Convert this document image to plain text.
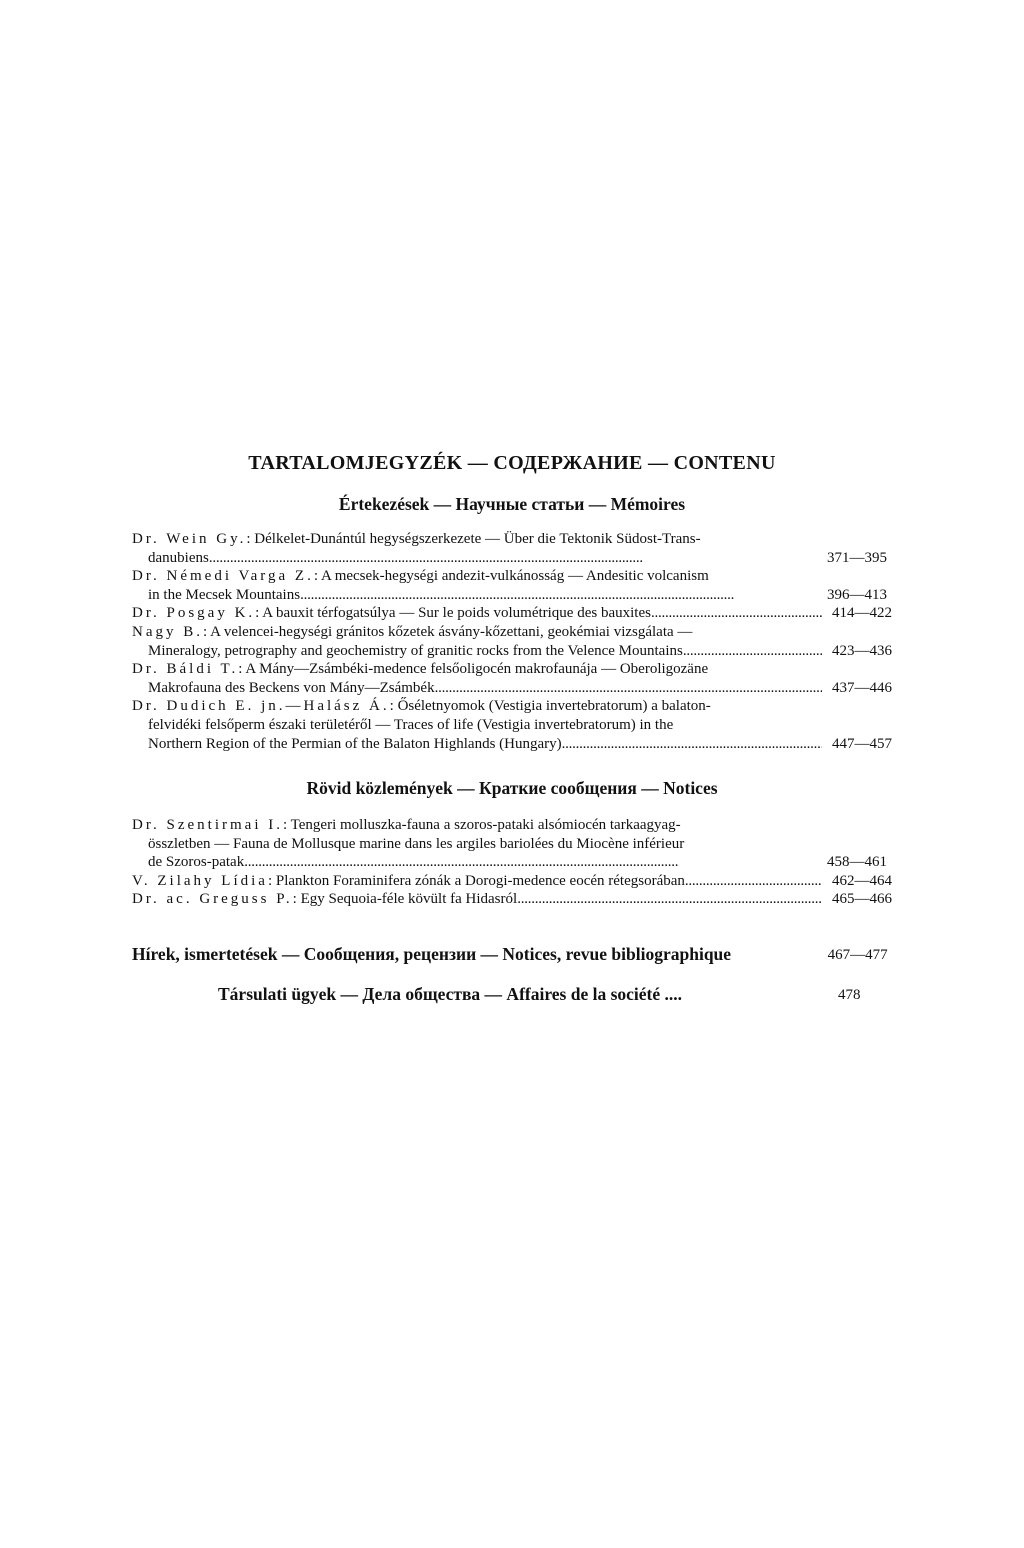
TARTALOMJEGYZÉK — СОДЕРЖАНИЕ — CONTENU
Értekezések — Научные статьи — Mémoires
Dr. Wein Gy.: Délkelet-Dunántúl hegységszerkezete — Über die Tektonik Südost-Trans-
danubiens . . .	371—395
Dr. Némedi Varga Z.: A mecsek-hegységi andezit-vulkánosság — Andesitic volcanism
in the Mecsek Mountains . . .	396—413
Dr. Posgay K.: A bauxit térfogatsúlya — Sur le poids volumétrique des bauxites . . .	414—422
Nagy B.: A velencei-hegységi gránitos kőzetek ásvány-kőzettani, geokémiai vizsgálata —
Mineralogy, petrography and geochemistry of granitic rocks from the Velence Mountains . . .	423—436
Dr. Báldi T.: A Mány—Zsámbéki-medence felsőoligocén makrofaunája — Oberoligozäne
Makrofauna des Beckens von Mány—Zsámbék . . .	437—446
Dr. Dudich E. jn.—Halász Á.: Őséletnyomok (Vestigia invertebratorum) a balaton-
felvidéki felsőperm északi területéről — Traces of life (Vestigia invertebratorum) in the
Northern Region of the Permian of the Balaton Highlands (Hungary) . . .	447—457
Rövid közlemények — Краткие сообщения — Notices
Dr. Szentirmai I.: Tengeri molluszka-fauna a szoros-pataki alsómiocén tarkaagyag-
összletben — Fauna de Mollusque marine dans les argiles bariolées du Miocène inférieur
de Szoros-patak . . .	458—461
V. Zilahy Lídia: Plankton Foraminifera zónák a Dorogi-medence eocén rétegsorában . . .	462—464
Dr. ac. Greguss P.: Egy Sequoia-féle kövült fa Hidasról . . .	465—466
Hírek, ismertetések — Сообщения, рецензии — Notices, revue bibliographique	467—477
Társulati ügyek — Дела общества — Affaires de la société ....	478
